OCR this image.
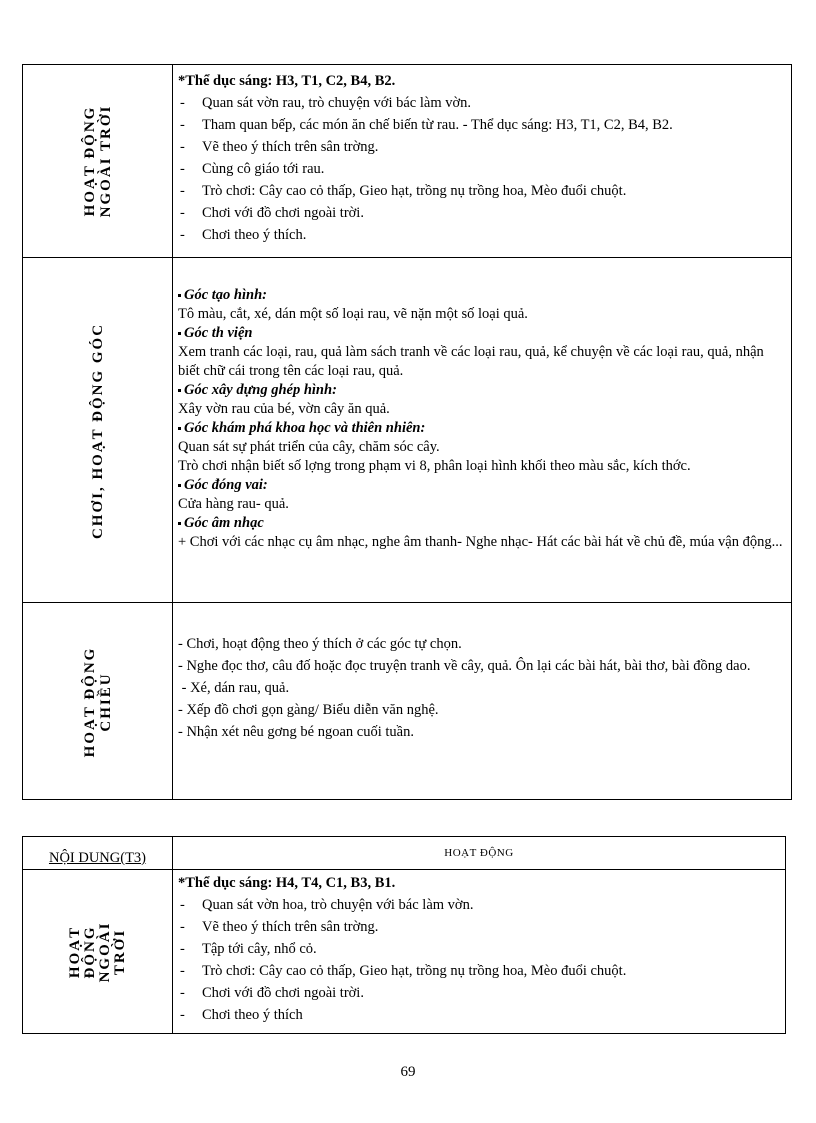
HOẠT ĐỘNG NGOÀI TRỜI
*Thể dục sáng: H3, T1, C2, B4, B2.
- Quan sát vờn rau, trò chuyện với bác làm vờn.
- Tham quan bếp, các món ăn chế biến từ rau. - Thể dục sáng: H3, T1, C2, B4, B2.
- Vẽ theo ý thích trên sân trờng.
- Cùng cô giáo tới rau.
- Trò chơi: Cây cao cỏ thấp, Gieo hạt, trồng nụ trồng hoa, Mèo đuổi chuột.
- Chơi với đồ chơi ngoài trời.
- Chơi theo ý thích.
CHƠI, HOẠT ĐỘNG GÓC
Góc tạo hình:
Tô màu, cắt, xé, dán một số loại rau, vẽ nặn một số loại quả.
Góc th viện
Xem tranh các loại, rau, quả làm sách tranh về các loại rau, quả, kể chuyện về các loại rau, quả, nhận
biết chữ cái trong tên các loại rau, quả.
Góc xây dựng ghép hình:
Xây vờn rau của bé, vờn cây ăn quả.
Góc khám phá khoa học và thiên nhiên:
Quan sát sự phát triển của cây, chăm sóc cây.
Trò chơi nhận biết số lợng trong phạm vi 8, phân loại hình khối theo màu sắc, kích thớc.
Góc đóng vai:
Cửa hàng rau- quả.
Góc âm nhạc
+ Chơi với các nhạc cụ âm nhạc, nghe âm thanh- Nghe nhạc- Hát các bài hát về chủ đề, múa vận động...
HOẠT ĐỘNG CHIỀU
- Chơi, hoạt động theo ý thích ở các góc tự chọn.
- Nghe đọc thơ, câu đố hoặc đọc truyện tranh về cây, quả. Ôn lại các bài hát, bài thơ, bài đồng dao.
- Xé, dán rau, quả.
- Xếp đồ chơi gọn gàng/ Biểu diễn văn nghệ.
- Nhận xét nêu gơng bé ngoan cuối tuần.
NỘI DUNG(T3)	HOẠT ĐỘNG
HOẠT ĐỘNG NGOÀI TRỜI
*Thể dục sáng: H4, T4, C1, B3, B1.
- Quan sát vờn hoa, trò chuyện với bác làm vờn.
- Vẽ theo ý thích trên sân trờng.
- Tập tới cây, nhổ cỏ.
- Trò chơi: Cây cao cỏ thấp, Gieo hạt, trồng nụ trồng hoa, Mèo đuổi chuột.
- Chơi với đồ chơi ngoài trời.
- Chơi theo ý thích
69
